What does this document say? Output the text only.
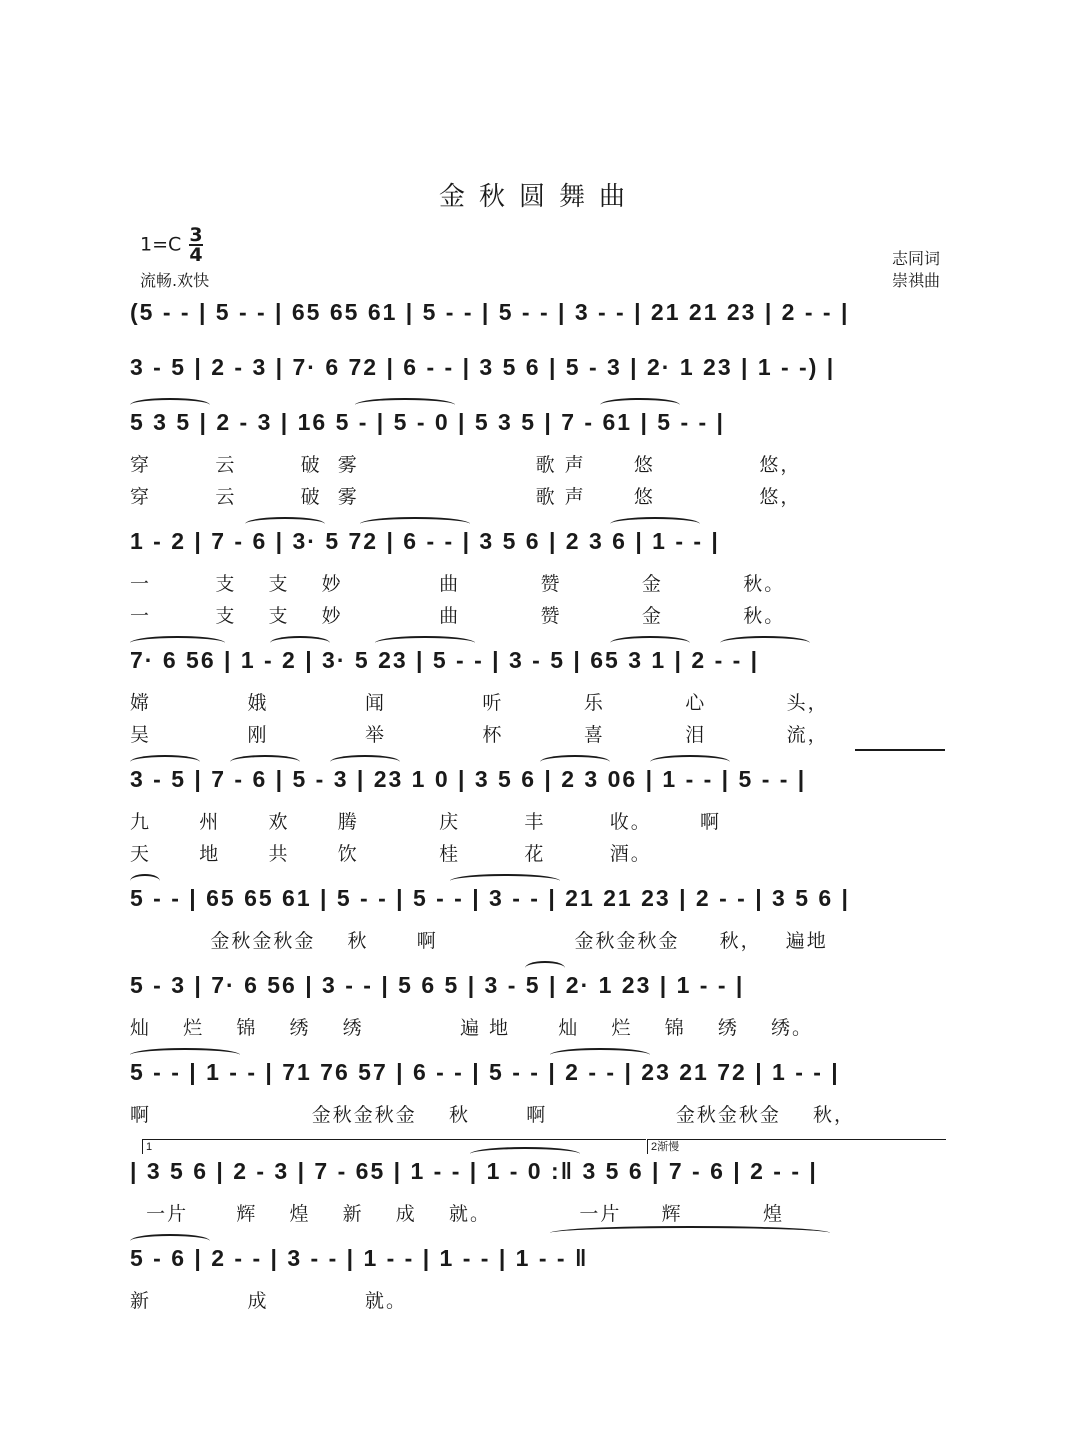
金秋圆舞曲
$1=C \frac{3}{4}$
流畅.欢快
志同词
崇祺曲
(5 - - | 5 - - | 65 65 61 | 5 - - | 5 - - | 3 - - | 21 21 23 | 2 - - |
3 - 5 | 2 - 3 | 7· 6 72 | 6 - - | 3 5 6 | 5 - 3 | 2· 1 23 | 1 - -) |
5 3 5 | 2 - 3 | 16 5 - | 5 - 0 | 5 3 5 | 7 - 61 | 5 - - |
穿        云        破  雾                      歌 声      悠             悠，
穿        云        破  雾                      歌 声      悠             悠，
1 - 2 | 7 - 6 | 3· 5 72 | 6 - - | 3 5 6 | 2 3 6 | 1 - - |
一        支    支    妙            曲          赞          金          秋。
一        支    支    妙            曲          赞          金          秋。
7· 6 56 | 1 - 2 | 3· 5 23 | 5 - - | 3 - 5 | 65 3 1 | 2 - - |
嫦            娥            闻            听          乐          心          头，
吴            刚            举            杯          喜          泪          流，
3 - 5 | 7 - 6 | 5 - 3 | 23 1 0 | 3 5 6 | 2 3 06 | 1 - - | 5 - - |
九      州      欢      腾          庆        丰        收。      啊
天      地      共      饮          桂        花        酒。
5 - - | 65 65 61 | 5 - - | 5 - - | 3 - - | 21 21 23 | 2 - - | 3 5 6 |
金秋金秋金    秋      啊                 金秋金秋金     秋，   遍地
5 - 3 | 7· 6 56 | 3 - - | 5 6 5 | 3 - 5 | 2· 1 23 | 1 - - |
灿    烂    锦    绣    绣            遍 地      灿    烂    锦    绣    绣。
5 - - | 1 - - | 71 76 57 | 6 - - | 5 - - | 2 - - | 23 21 72 | 1 - - |
啊                    金秋金秋金    秋       啊                金秋金秋金    秋，
1	2渐慢
| 3 5 6 | 2 - 3 | 7 - 65 | 1 - - | 1 - 0 :‖ 3 5 6 | 7 - 6 | 2 - - |
一片      辉    煌    新    成    就。           一片     辉          煌
5 - 6 | 2 - - | 3 - - | 1 - - | 1 - - | 1 - - ‖
新            成            就。
